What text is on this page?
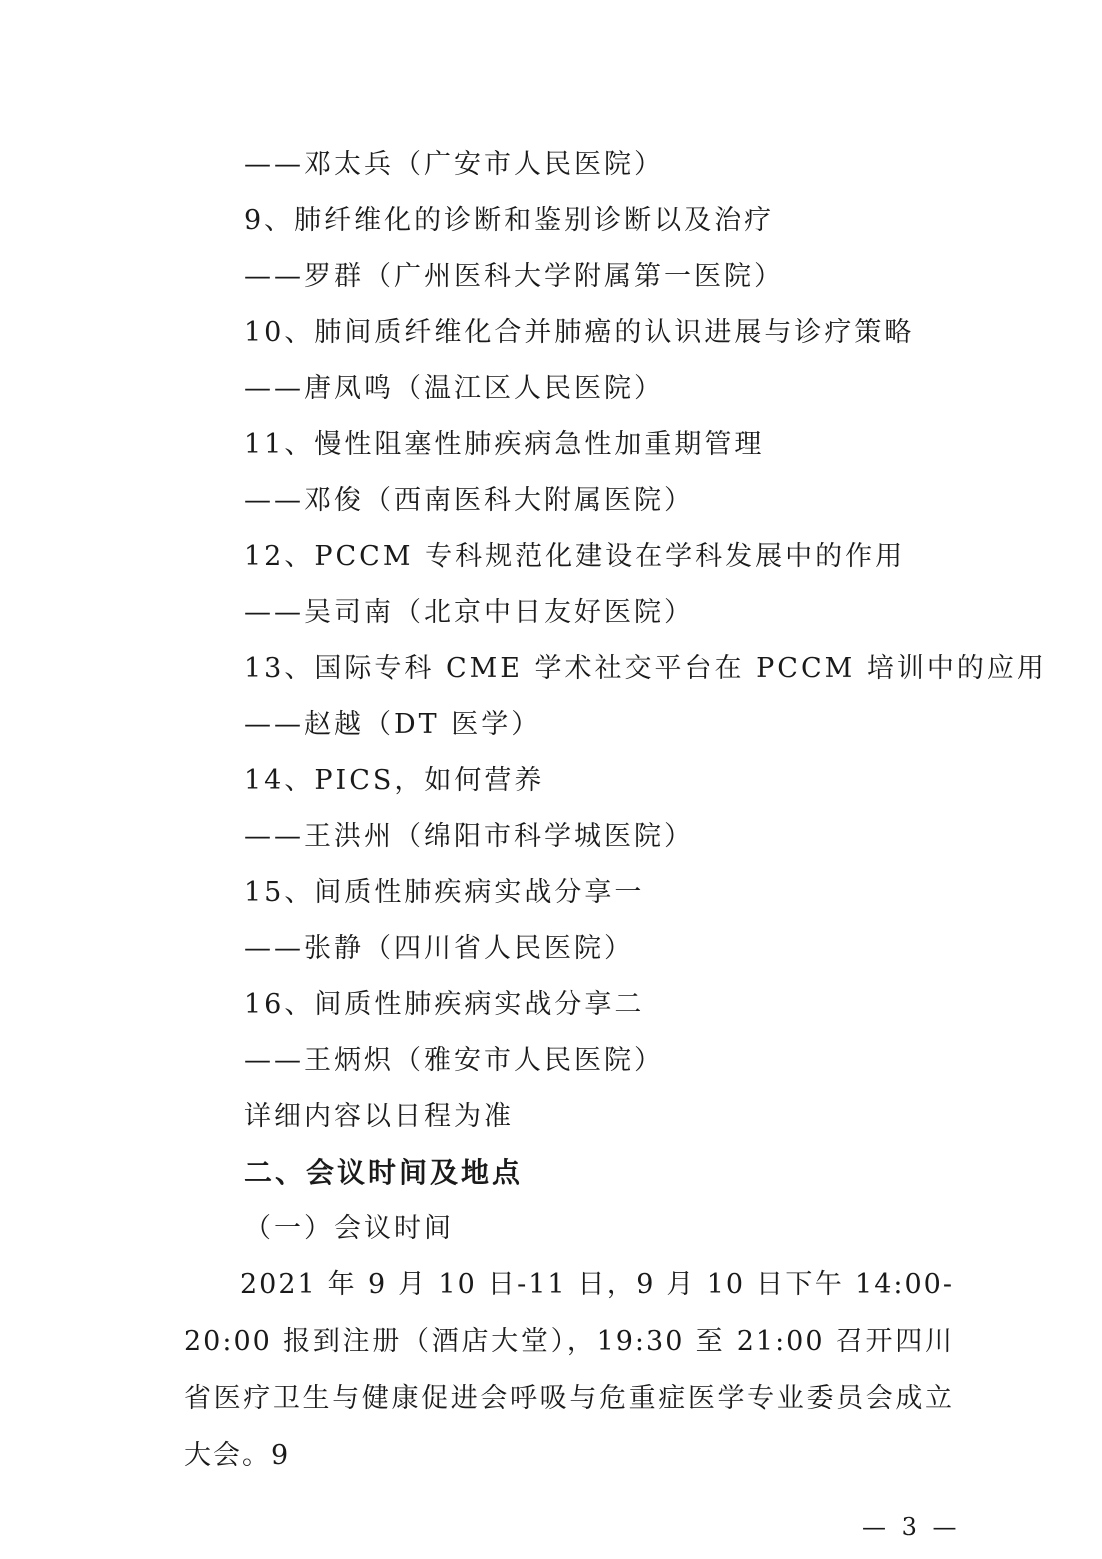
——邓太兵（广安市人民医院）
9、肺纤维化的诊断和鉴别诊断以及治疗
——罗群（广州医科大学附属第一医院）
10、肺间质纤维化合并肺癌的认识进展与诊疗策略
——唐凤鸣（温江区人民医院）
11、慢性阻塞性肺疾病急性加重期管理
——邓俊（西南医科大附属医院）
12、PCCM 专科规范化建设在学科发展中的作用
——吴司南（北京中日友好医院）
13、国际专科 CME 学术社交平台在 PCCM 培训中的应用
——赵越（DT 医学）
14、PICS，如何营养
——王洪州（绵阳市科学城医院）
15、间质性肺疾病实战分享一
——张静（四川省人民医院）
16、间质性肺疾病实战分享二
——王炳炽（雅安市人民医院）
详细内容以日程为准
二、会议时间及地点
（一）会议时间
2021 年 9 月 10 日-11 日，9 月 10 日下午 14:00-20:00 报到注册（酒店大堂），19:30 至 21:00 召开四川省医疗卫生与健康促进会呼吸与危重症医学专业委员会成立大会。9
— 3 —
